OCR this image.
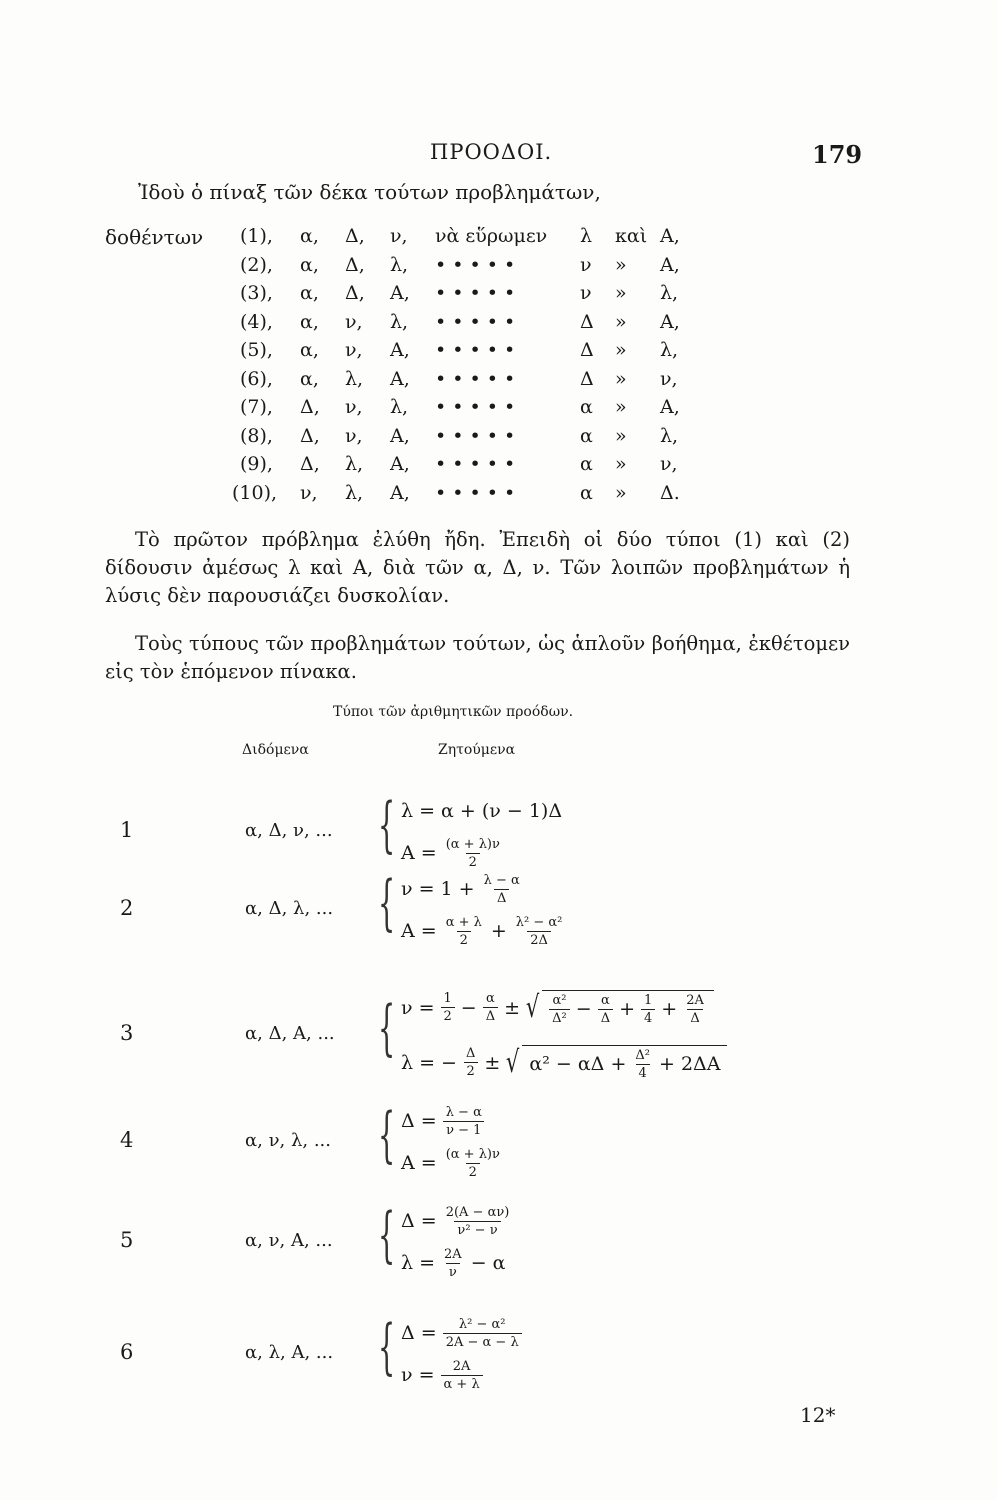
ΠΡΟΟΔΟΙ.	179
Ἰδοὺ ὁ πίναξ τῶν δέκα τούτων προβλημάτων,
δοθέντων (1), α, Δ, ν, νὰ εὕρωμεν λ καὶ Α,
(2), α, Δ, λ, • • • • •	ν » Α,
(3), α, Δ, Α, • • • • •	ν » λ,
(4), α, ν, λ, • • • • •	Δ » Α,
(5), α, ν, Α, • • • • •	Δ » λ,
(6), α, λ, Α, • • • • •	Δ » ν,
(7), Δ, ν, λ, • • • • •	α » Α,
(8), Δ, ν, Α, • • • • •	α » λ,
(9), Δ, λ, Α, • • • • •	α » ν,
(10), ν, λ, Α, • • • • •	α » Δ.
Τὸ πρῶτον πρόβλημα ἐλύθη ἤδη. Ἐπειδὴ οἱ δύο τύποι (1) καὶ (2) δίδουσιν ἀμέσως λ καὶ Α, διὰ τῶν α, Δ, ν. Τῶν λοιπῶν προβλημάτων ἡ λύσις δὲν παρουσιάζει δυσκολίαν.
Τοὺς τύπους τῶν προβλημάτων τούτων, ὡς ἁπλοῦν βοήθημα, ἐκθέτομεν εἰς τὸν ἑπόμενον πίνακα.
Τύποι τῶν ἀριθμητικῶν προόδων.
Διδόμενα	Ζητούμενα
1	α, Δ, ν, ... { λ = α + (ν − 1)Δ
$A = \frac{(\alpha + \lambda)\nu}{2}$
2	α, Δ, λ, ... { $\nu = 1 + \frac{\lambda - \alpha}{\Delta}$
$A = \frac{\alpha + \lambda}{2} + \frac{\text{λ² − α²}}{2\Delta}$
3	α, Δ, Α, ... { $\nu = \frac{1}{2} - \frac{\alpha}{\Delta}$ ± √ $\frac{\text{α²}}{\text{Δ²}} - \frac{\alpha}{\Delta} + \frac{1}{4} + \frac{2A}{\Delta}$
λ = − $\frac{\Delta}{2}$ ± √ $\alpha^2 - \alpha\Delta + \frac{\text{Δ²}}{4} + 2\Delta A$
4	α, ν, λ, ... { $\Delta = \frac{\lambda - \alpha}{\nu - 1}$
$A = \frac{(\alpha + \lambda)\nu}{2}$
5	α, ν, Α, ... { $\Delta = \frac{2(A - \alpha\nu)}{\text{ν² − ν}}$
$\lambda = \frac{2A}{\nu} - \alpha$
6	α, λ, Α, ... { $\Delta = \frac{\text{λ² − α²}}{2A - \alpha - \lambda}$
$\nu = \frac{2A}{\alpha + \lambda}$
12*
